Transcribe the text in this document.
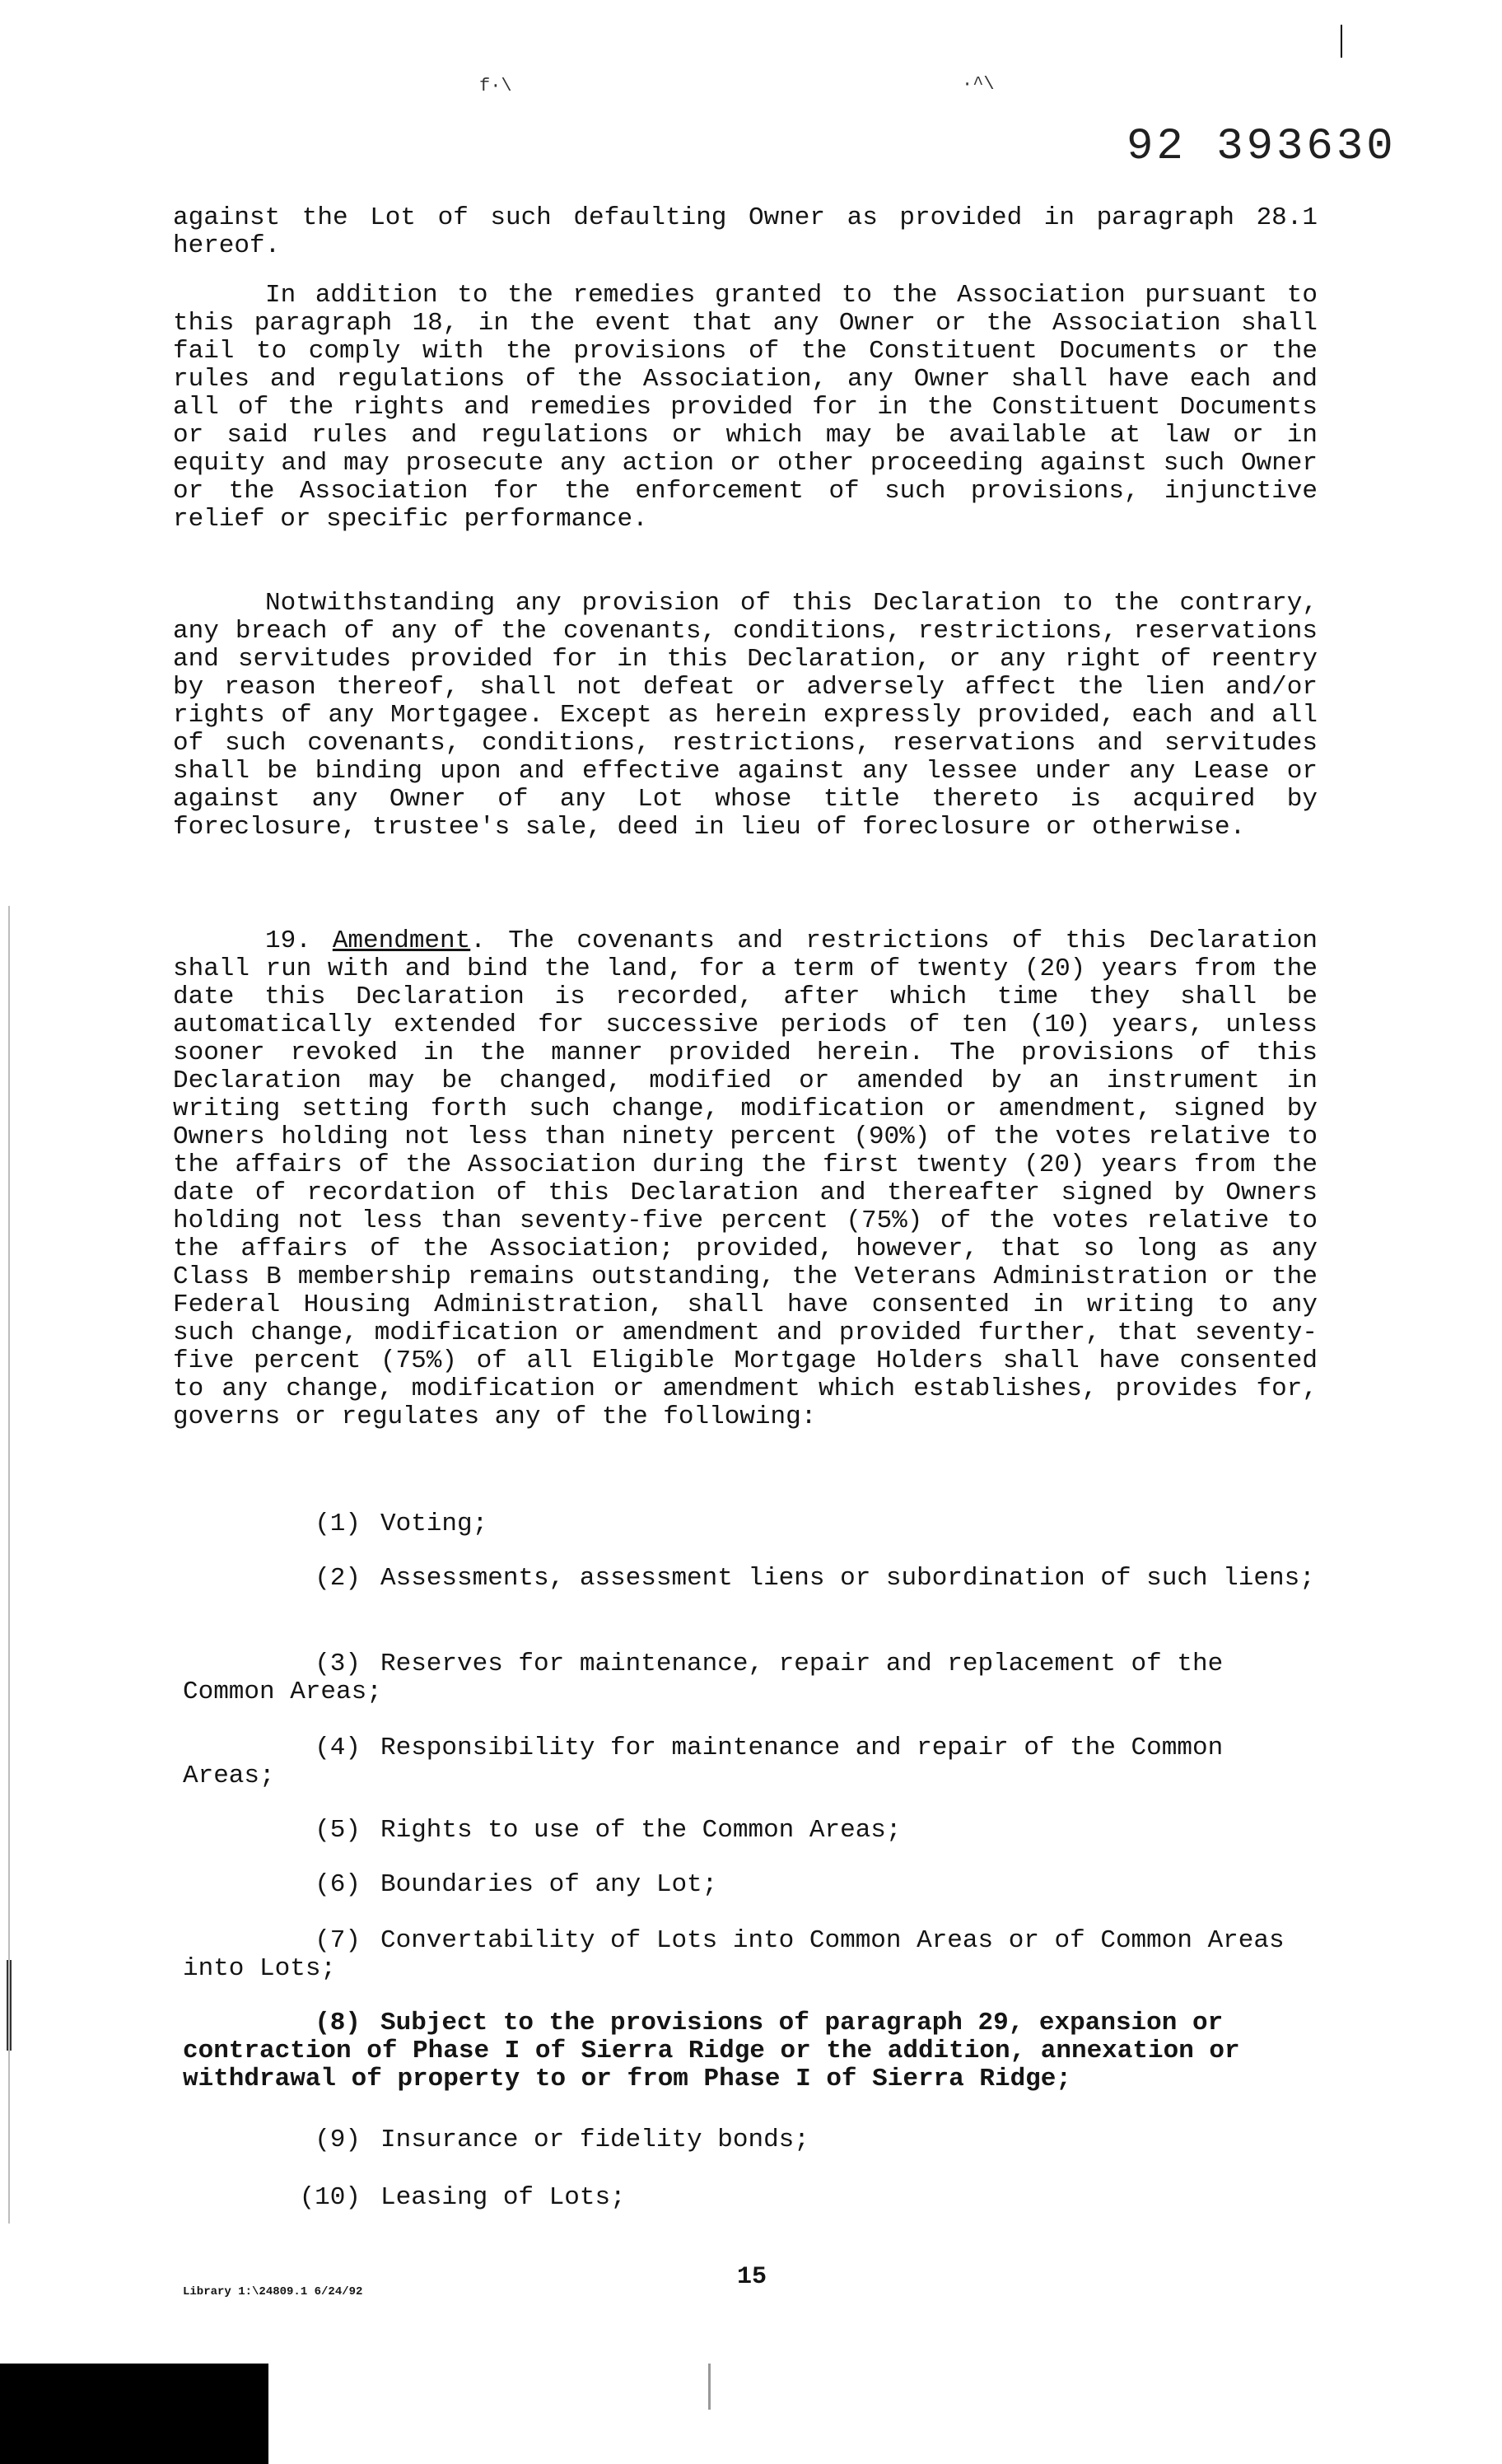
f·\	·^\
92 393630
against the Lot of such defaulting Owner as provided in paragraph 28.1 hereof.
In addition to the remedies granted to the Association pursuant to this paragraph 18, in the event that any Owner or the Association shall fail to comply with the provisions of the Constituent Documents or the rules and regulations of the Association, any Owner shall have each and all of the rights and remedies provided for in the Constituent Documents or said rules and regulations or which may be available at law or in equity and may prosecute any action or other proceeding against such Owner or the Association for the enforcement of such provisions, injunctive relief or specific performance.
Notwithstanding any provision of this Declaration to the contrary, any breach of any of the covenants, conditions, restrictions, reservations and servitudes provided for in this Declaration, or any right of reentry by reason thereof, shall not defeat or adversely affect the lien and/or rights of any Mortgagee. Except as herein expressly provided, each and all of such covenants, conditions, restrictions, reservations and servitudes shall be binding upon and effective against any lessee under any Lease or against any Owner of any Lot whose title thereto is acquired by foreclosure, trustee's sale, deed in lieu of foreclosure or otherwise.
19. Amendment. The covenants and restrictions of this Declaration shall run with and bind the land, for a term of twenty (20) years from the date this Declaration is recorded, after which time they shall be automatically extended for successive periods of ten (10) years, unless sooner revoked in the manner provided herein. The provisions of this Declaration may be changed, modified or amended by an instrument in writing setting forth such change, modification or amendment, signed by Owners holding not less than ninety percent (90%) of the votes relative to the affairs of the Association during the first twenty (20) years from the date of recordation of this Declaration and thereafter signed by Owners holding not less than seventy-five percent (75%) of the votes relative to the affairs of the Association; provided, however, that so long as any Class B membership remains outstanding, the Veterans Administration or the Federal Housing Administration, shall have consented in writing to any such change, modification or amendment and provided further, that seventy-five percent (75%) of all Eligible Mortgage Holders shall have consented to any change, modification or amendment which establishes, provides for, governs or regulates any of the following:
(1) Voting;
(2) Assessments, assessment liens or subordination of such liens;
(3) Reserves for maintenance, repair and replacement of the Common Areas;
(4) Responsibility for maintenance and repair of the Common Areas;
(5) Rights to use of the Common Areas;
(6) Boundaries of any Lot;
(7) Convertability of Lots into Common Areas or of Common Areas into Lots;
(8) Subject to the provisions of paragraph 29, expansion or contraction of Phase I of Sierra Ridge or the addition, annexation or withdrawal of property to or from Phase I of Sierra Ridge;
(9) Insurance or fidelity bonds;
(10) Leasing of Lots;
Library 1:\24809.1 6/24/92
15
